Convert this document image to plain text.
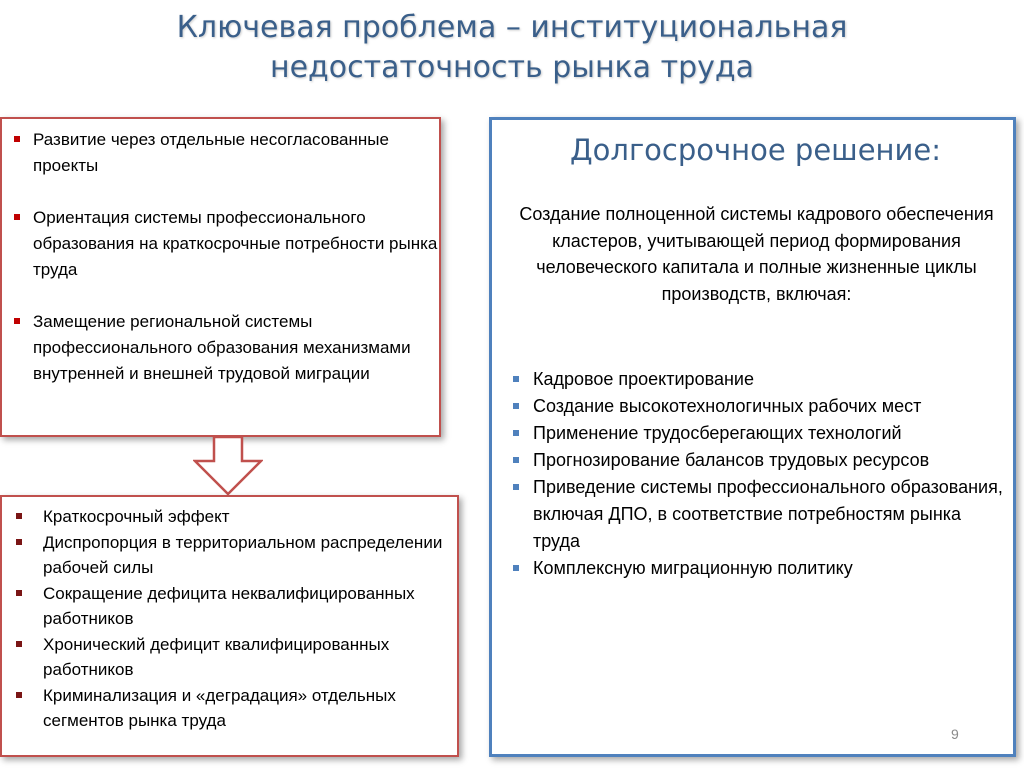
Ключевая проблема – институциональная
недостаточность рынка труда
Развитие через отдельные несогласованные проекты
Ориентация системы профессионального образования на краткосрочные потребности рынка труда
Замещение региональной системы профессионального образования механизмами внутренней и внешней трудовой миграции
Краткосрочный эффект
Диспропорция в территориальном распределении рабочей силы
Сокращение дефицита неквалифицированных работников
Хронический дефицит квалифицированных работников
Криминализация и «деградация» отдельных сегментов рынка труда
Долгосрочное решение:
Создание полноценной системы кадрового обеспечения кластеров, учитывающей период формирования человеческого капитала и полные жизненные циклы производств, включая:
Кадровое проектирование
Создание высокотехнологичных рабочих мест
Применение трудосберегающих технологий
Прогнозирование балансов трудовых ресурсов
Приведение системы профессионального образования, включая ДПО, в соответствие потребностям рынка труда
Комплексную миграционную политику
9
